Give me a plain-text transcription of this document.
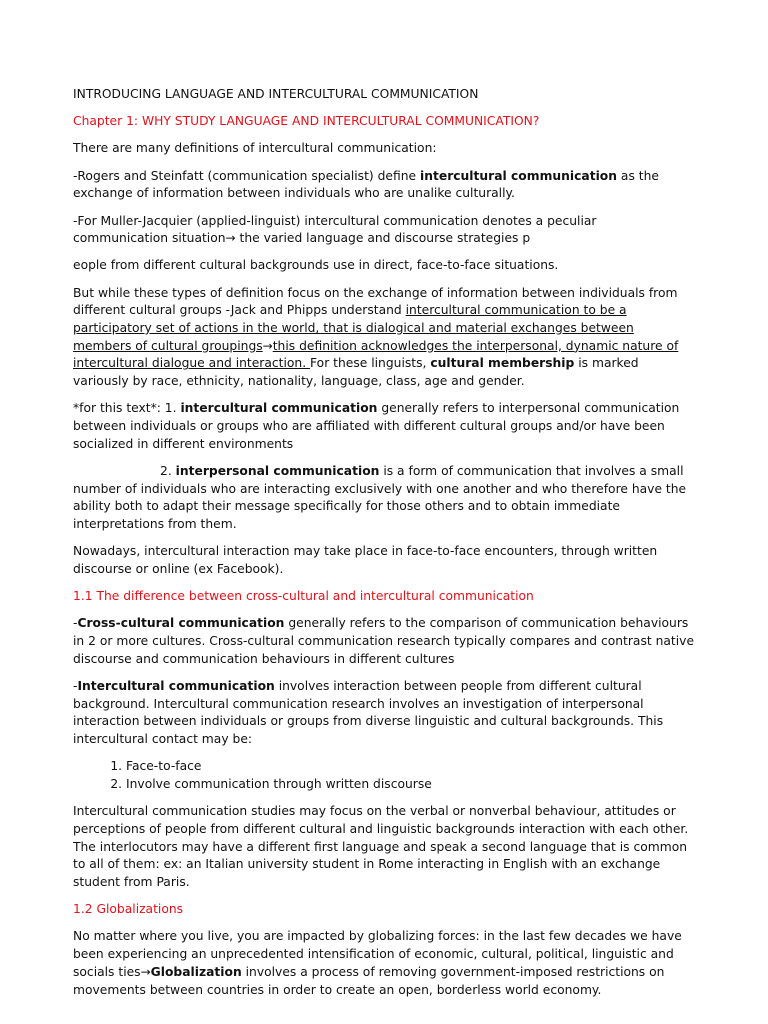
INTRODUCING LANGUAGE AND INTERCULTURAL COMMUNICATION

Chapter 1: WHY STUDY LANGUAGE AND INTERCULTURAL COMMUNICATION?

There are many definitions of intercultural communication:

-Rogers and Steinfatt (communication specialist) define intercultural communication as the exchange of information between individuals who are unalike culturally.

-For Muller-Jacquier (applied-linguist) intercultural communication denotes a peculiar communication situation→ the varied language and discourse strategies p

eople from different cultural backgrounds use in direct, face-to-face situations.

But while these types of definition focus on the exchange of information between individuals from different cultural groups -Jack and Phipps understand intercultural communication to be a participatory set of actions in the world, that is dialogical and material exchanges between members of cultural groupings→this definition acknowledges the interpersonal, dynamic nature of intercultural dialogue and interaction. For these linguists, cultural membership is marked variously by race, ethnicity, nationality, language, class, age and gender.

*for this text*: 1. intercultural communication generally refers to interpersonal communication between individuals or groups who are affiliated with different cultural groups and/or have been socialized in different environments

2. interpersonal communication is a form of communication that involves a small number of individuals who are interacting exclusively with one another and who therefore have the ability both to adapt their message specifically for those others and to obtain immediate interpretations from them.

Nowadays, intercultural interaction may take place in face-to-face encounters, through written discourse or online (ex Facebook).

1.1 The difference between cross-cultural and intercultural communication

-Cross-cultural communication generally refers to the comparison of communication behaviours in 2 or more cultures. Cross-cultural communication research typically compares and contrast native discourse and communication behaviours in different cultures

-Intercultural communication involves interaction between people from different cultural background. Intercultural communication research involves an investigation of interpersonal interaction between individuals or groups from diverse linguistic and cultural backgrounds. This intercultural contact may be:

1. Face-to-face
2. Involve communication through written discourse

Intercultural communication studies may focus on the verbal or nonverbal behaviour, attitudes or perceptions of people from different cultural and linguistic backgrounds interaction with each other. The interlocutors may have a different first language and speak a second language that is common to all of them: ex: an Italian university student in Rome interacting in English with an exchange student from Paris.

1.2 Globalizations

No matter where you live, you are impacted by globalizing forces: in the last few decades we have been experiencing an unprecedented intensification of economic, cultural, political, linguistic and socials ties→Globalization involves a process of removing government-imposed restrictions on movements between countries in order to create an open, borderless world economy.
